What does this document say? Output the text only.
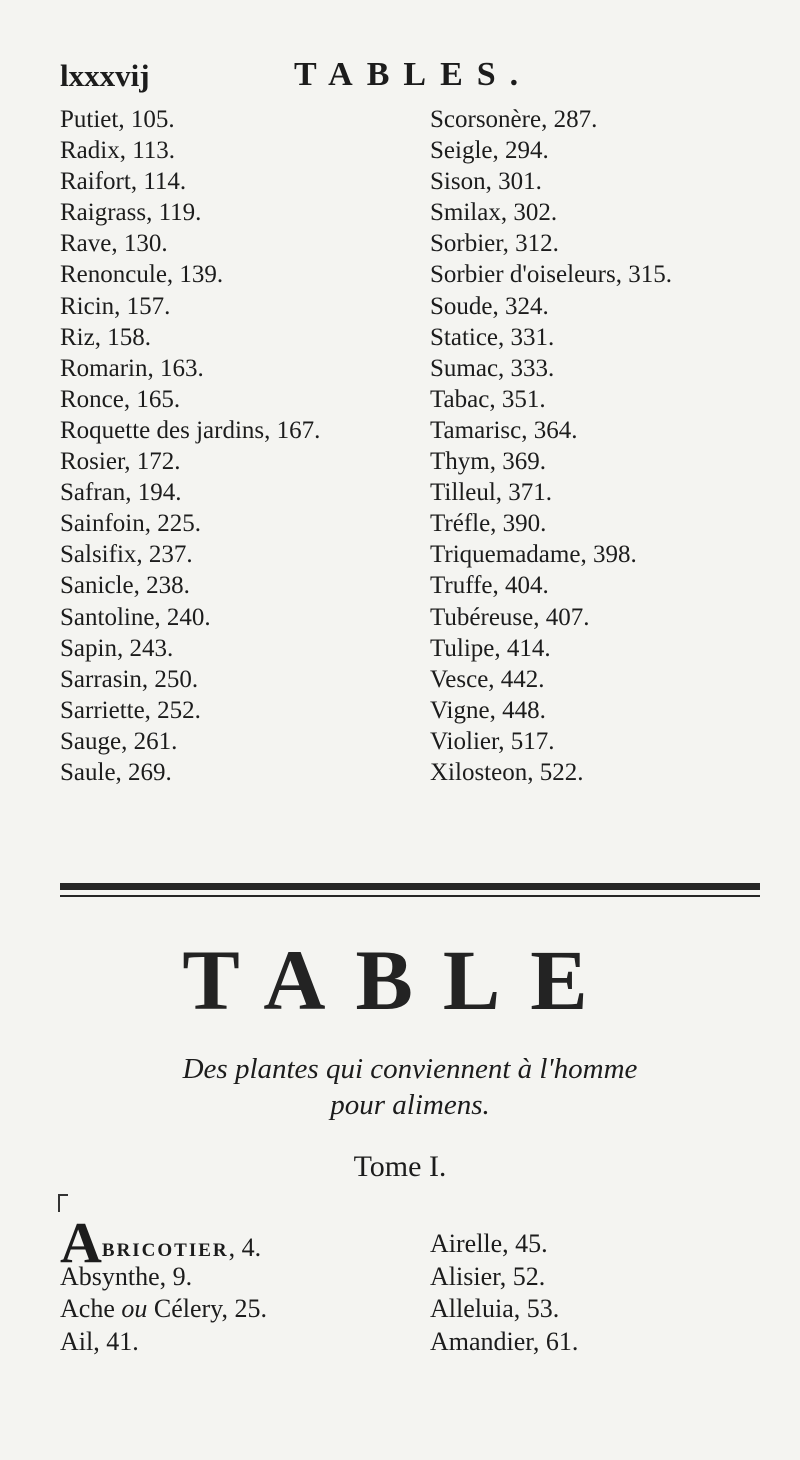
lxxxvij	TABLES.
Putiet, 105.
Radix, 113.
Raifort, 114.
Raigrass, 119.
Rave, 130.
Renoncule, 139.
Ricin, 157.
Riz, 158.
Romarin, 163.
Ronce, 165.
Roquette des jardins, 167.
Rosier, 172.
Safran, 194.
Sainfoin, 225.
Salsifix, 237.
Sanicle, 238.
Santoline, 240.
Sapin, 243.
Sarrasin, 250.
Sarriette, 252.
Sauge, 261.
Saule, 269.
Scorsonère, 287.
Seigle, 294.
Sison, 301.
Smilax, 302.
Sorbier, 312.
Sorbier d'oiseleurs, 315.
Soude, 324.
Statice, 331.
Sumac, 333.
Tabac, 351.
Tamarisc, 364.
Thym, 369.
Tilleul, 371.
Tréfle, 390.
Triquemadame, 398.
Truffe, 404.
Tubéreuse, 407.
Tulipe, 414.
Vesce, 442.
Vigne, 448.
Violier, 517.
Xilosteon, 522.
TABLE
Des plantes qui conviennent à l'homme
pour alimens.
Tome I.
ABRICOTIER, 4.
Absynthe, 9.
Ache ou Célery, 25.
Ail, 41.
Airelle, 45.
Alisier, 52.
Alleluia, 53.
Amandier, 61.
